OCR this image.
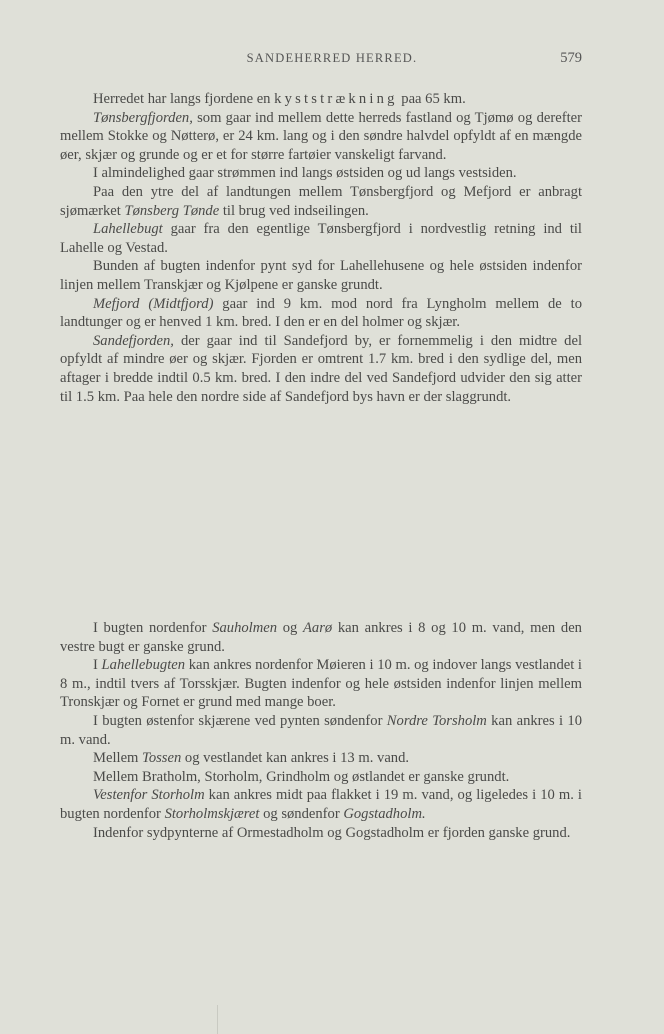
SANDEHERRED HERRED.	579

Herredet har langs fjordene en kyststrækning paa 65 km.

Tønsbergfjorden, som gaar ind mellem dette herreds fastland og Tjømø og derefter mellem Stokke og Nøtterø, er 24 km. lang og i den søndre halvdel opfyldt af en mængde øer, skjær og grunde og er et for større fartøier vanskeligt farvand.

I almindelighed gaar strømmen ind langs østsiden og ud langs vestsiden.

Paa den ytre del af landtungen mellem Tønsbergfjord og Mefjord er anbragt sjømærket Tønsberg Tønde til brug ved indseilingen.

Lahellebugt gaar fra den egentlige Tønsbergfjord i nordvestlig retning ind til Lahelle og Vestad.

Bunden af bugten indenfor pynt syd for Lahellehusene og hele østsiden indenfor linjen mellem Transkjær og Kjølpene er ganske grundt.

Mefjord (Midtfjord) gaar ind 9 km. mod nord fra Lyngholm mellem de to landtunger og er henved 1 km. bred. I den er en del holmer og skjær.

Sandefjorden, der gaar ind til Sandefjord by, er fornemmelig i den midtre del opfyldt af mindre øer og skjær. Fjorden er omtrent 1.7 km. bred i den sydlige del, men aftager i bredde indtil 0.5 km. bred. I den indre del ved Sandefjord udvider den sig atter til 1.5 km. Paa hele den nordre side af Sandefjord bys havn er der slaggrundt.

I bugten nordenfor Sauholmen og Aarø kan ankres i 8 og 10 m. vand, men den vestre bugt er ganske grund.

I Lahellebugten kan ankres nordenfor Møieren i 10 m. og indover langs vestlandet i 8 m., indtil tvers af Torsskjær. Bugten indenfor og hele østsiden indenfor linjen mellem Tronskjær og Fornet er grund med mange boer.

I bugten østenfor skjærene ved pynten søndenfor Nordre Torsholm kan ankres i 10 m. vand.

Mellem Tossen og vestlandet kan ankres i 13 m. vand.

Mellem Bratholm, Storholm, Grindholm og østlandet er ganske grundt.

Vestenfor Storholm kan ankres midt paa flakket i 19 m. vand, og ligeledes i 10 m. i bugten nordenfor Storholmskjæret og søndenfor Gogstadholm.

Indenfor sydpynterne af Ormestadholm og Gogstadholm er fjorden ganske grund.
